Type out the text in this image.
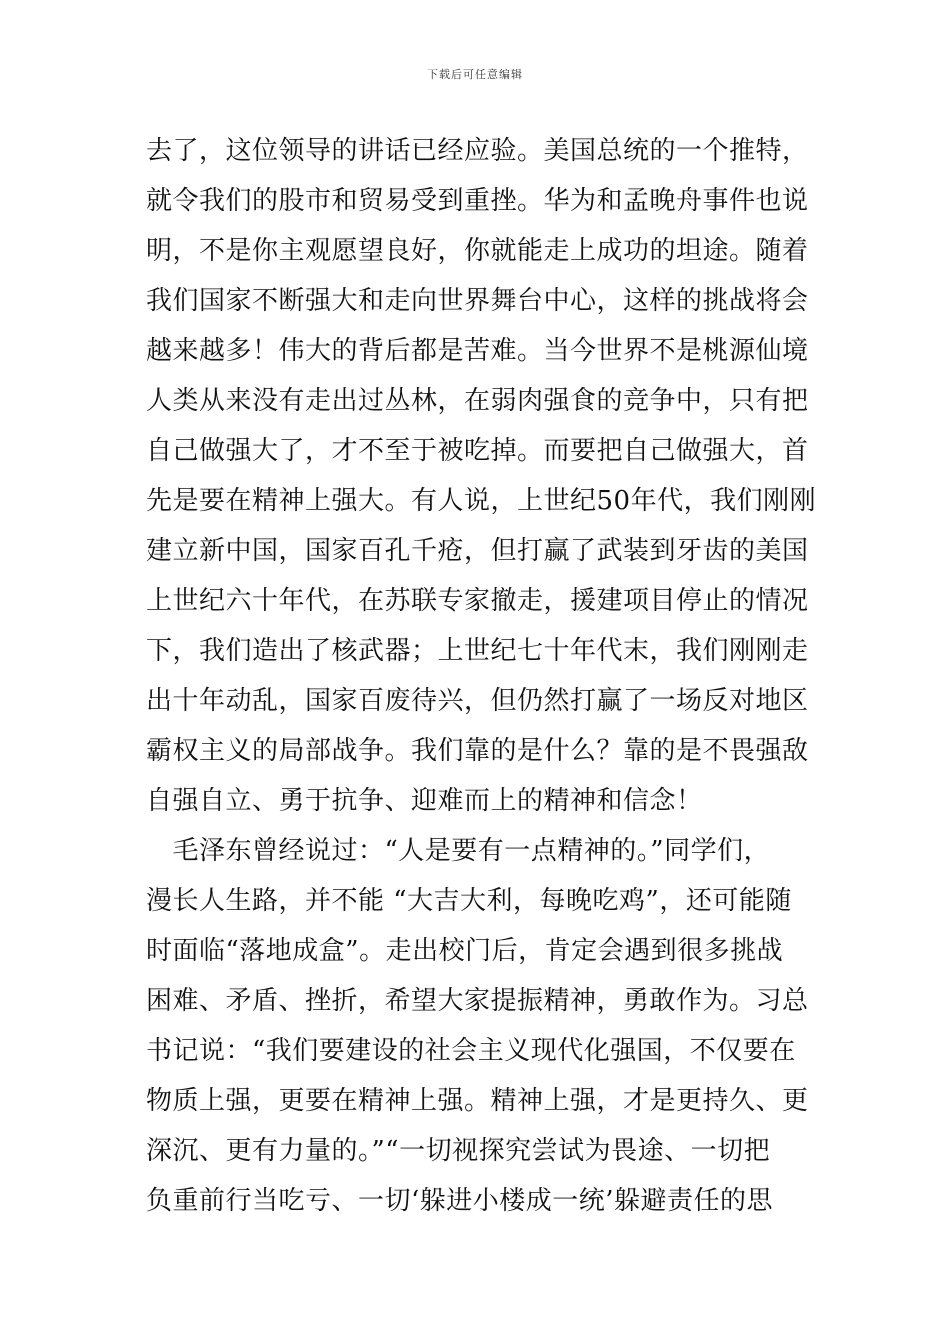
下载后可任意编辑
去了，这位领导的讲话已经应验。美国总统的一个推特，
就令我们的股市和贸易受到重挫。华为和孟晚舟事件也说
明，不是你主观愿望良好，你就能走上成功的坦途。随着
我们国家不断强大和走向世界舞台中心，这样的挑战将会
越来越多！伟大的背后都是苦难。当今世界不是桃源仙境
人类从来没有走出过丛林，在弱肉强食的竞争中，只有把
自己做强大了，才不至于被吃掉。而要把自己做强大，首
先是要在精神上强大。有人说，上世纪50年代，我们刚刚
建立新中国，国家百孔千疮，但打赢了武装到牙齿的美国
上世纪六十年代，在苏联专家撤走，援建项目停止的情况
下，我们造出了核武器；上世纪七十年代末，我们刚刚走
出十年动乱，国家百废待兴，但仍然打赢了一场反对地区
霸权主义的局部战争。我们靠的是什么？靠的是不畏强敌
自强自立、勇于抗争、迎难而上的精神和信念！
　毛泽东曾经说过：“人是要有一点精神的。”同学们，
漫长人生路，并不能 “大吉大利，每晚吃鸡”，还可能随
时面临“落地成盒”。走出校门后，肯定会遇到很多挑战
困难、矛盾、挫折，希望大家提振精神，勇敢作为。习总
书记说：“我们要建设的社会主义现代化强国，不仅要在
物质上强，更要在精神上强。精神上强，才是更持久、更
深沉、更有力量的。”“一切视探究尝试为畏途、一切把
负重前行当吃亏、一切‘躲进小楼成一统’躲避责任的思
